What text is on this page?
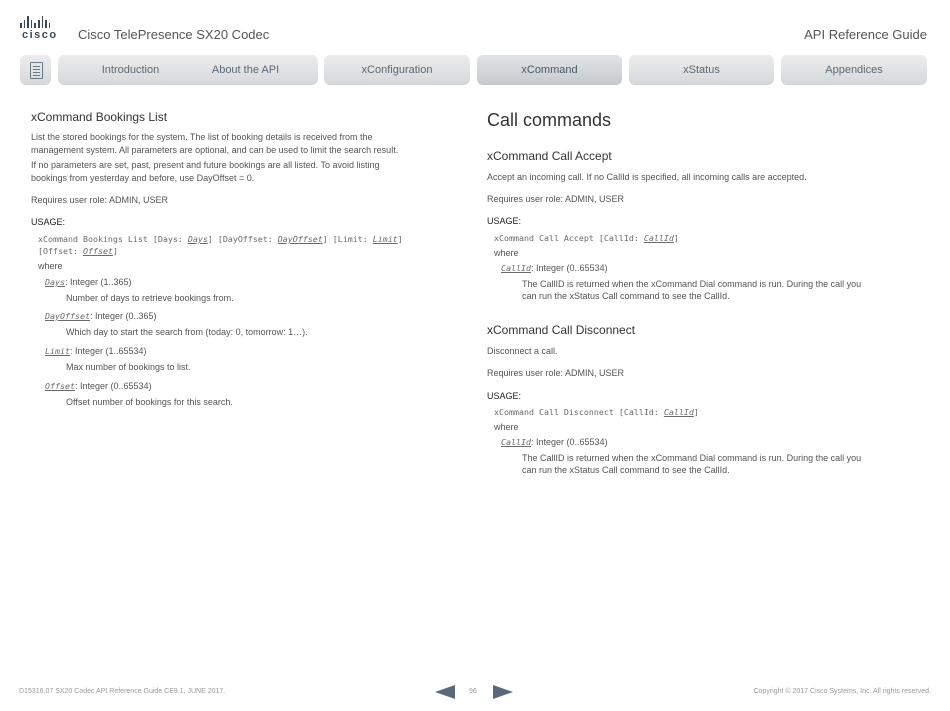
cisco Cisco TelePresence SX20 Codec	API Reference Guide
Introduction	About the API	xConfiguration	xCommand	xStatus	Appendices
xCommand Bookings List

List the stored bookings for the system. The list of booking details is received from the

management system. All parameters are optional, and can be used to limit the search result.

If no parameters are set, past, present and future bookings are all listed. To avoid listing

bookings from yesterday and before, use DayOffset = 0.

Requires user role: ADMIN, USER

USAGE:

xCommand Bookings List [Days: Days] [DayOffset: DayOffset] [Limit: Limit]
[Offset: Offset]

where

Days: Integer (1..365)

Number of days to retrieve bookings from.

DayOffset: Integer (0..365)

Which day to start the search from (today: 0, tomorrow: 1…).

Limit: Integer (1..65534)

Max number of bookings to list.

Offset: Integer (0..65534)

Offset number of bookings for this search.

Call commands
xCommand Call Accept

Accept an incoming call. If no CallId is specified, all incoming calls are accepted.

Requires user role: ADMIN, USER

USAGE:

xCommand Call Accept [CallId: CallId]

where

CallId: Integer (0..65534)

The CallID is returned when the xCommand Dial command is run. During the call you

can run the xStatus Call command to see the CallId.

xCommand Call Disconnect

Disconnect a call.

Requires user role: ADMIN, USER

USAGE:

xCommand Call Disconnect [CallId: CallId]

where

CallId: Integer (0..65534)

The CallID is returned when the xCommand Dial command is run. During the call you

can run the xStatus Call command to see the CallId.

D15316.07 SX20 Codec API Reference Guide CE9.1, JUNE 2017.	96	Copyright © 2017 Cisco Systems, Inc. All rights reserved.
